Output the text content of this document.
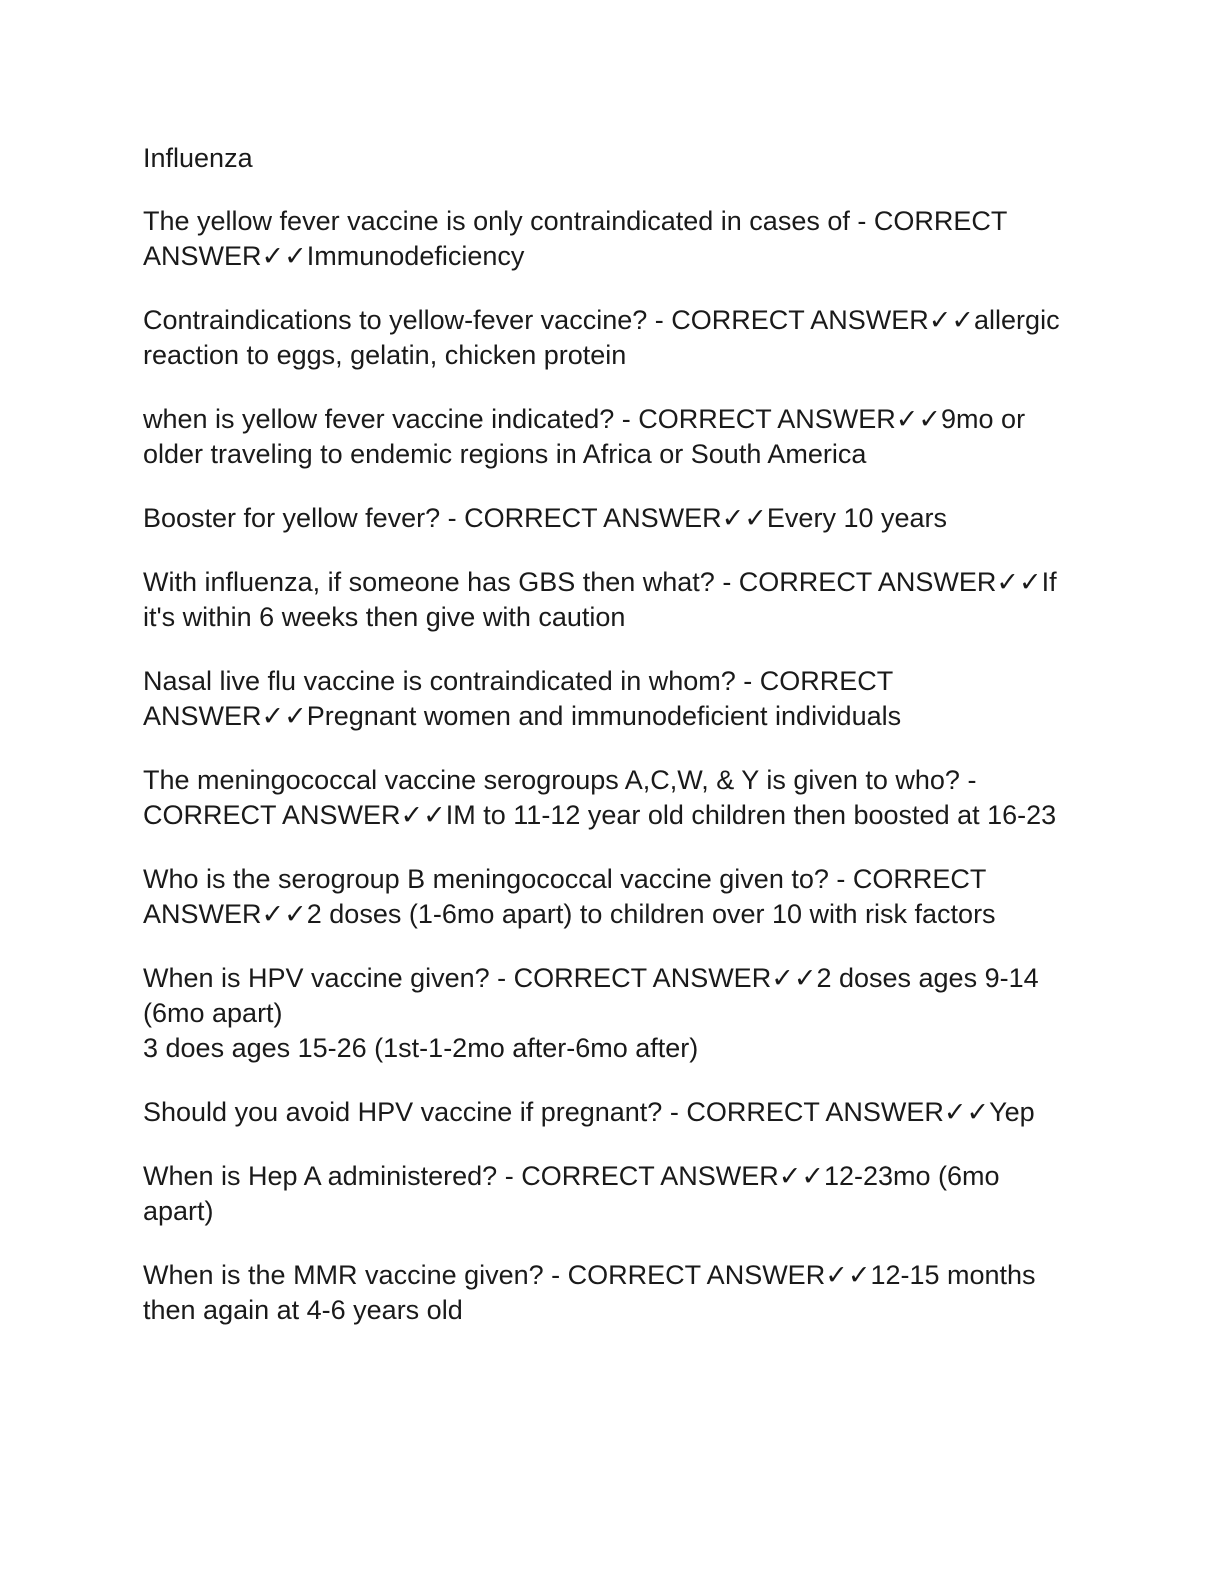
Influenza
The yellow fever vaccine is only contraindicated in cases of - CORRECT ANSWER✓✓Immunodeficiency
Contraindications to yellow-fever vaccine? - CORRECT ANSWER✓✓allergic reaction to eggs, gelatin, chicken protein
when is yellow fever vaccine indicated? - CORRECT ANSWER✓✓9mo or older traveling to endemic regions in Africa or South America
Booster for yellow fever? - CORRECT ANSWER✓✓Every 10 years
With influenza, if someone has GBS then what? - CORRECT ANSWER✓✓If it's within 6 weeks then give with caution
Nasal live flu vaccine is contraindicated in whom? - CORRECT ANSWER✓✓Pregnant women and immunodeficient individuals
The meningococcal vaccine serogroups A,C,W, & Y is given to who? - CORRECT ANSWER✓✓IM to 11-12 year old children then boosted at 16-23
Who is the serogroup B meningococcal vaccine given to? - CORRECT ANSWER✓✓2 doses (1-6mo apart) to children over 10 with risk factors
When is HPV vaccine given? - CORRECT ANSWER✓✓2 doses ages 9-14 (6mo apart)
3 does ages 15-26 (1st-1-2mo after-6mo after)
Should you avoid HPV vaccine if pregnant? - CORRECT ANSWER✓✓Yep
When is Hep A administered? - CORRECT ANSWER✓✓12-23mo (6mo apart)
When is the MMR vaccine given? - CORRECT ANSWER✓✓12-15 months then again at 4-6 years old
